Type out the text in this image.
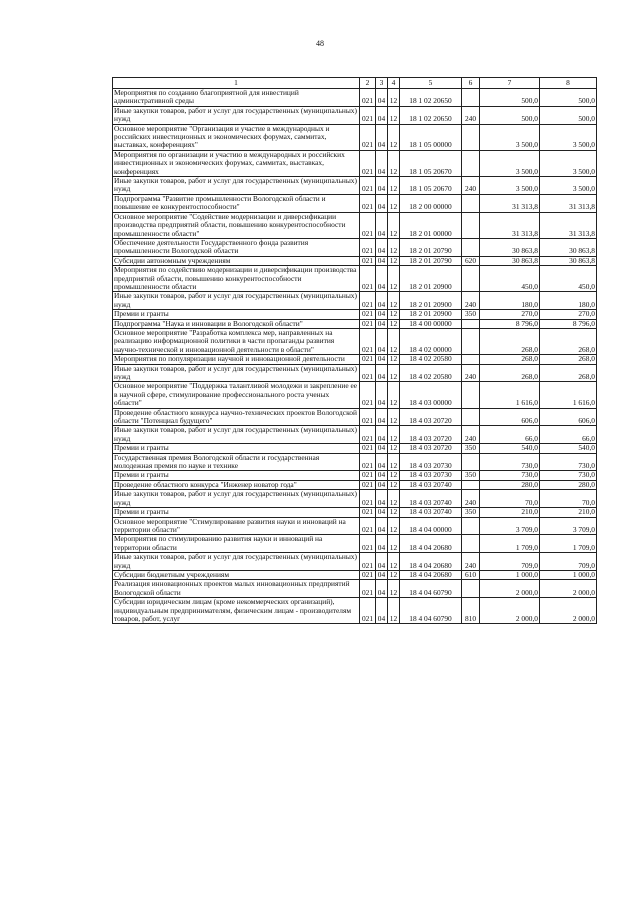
48
1	2	3	4	5	6	7	8
Мероприятия по созданию благоприятной для инвестиций административной среды	021	04	12	18 1 02 20650		500,0	500,0
Иные закупки товаров, работ и услуг для государственных (муниципальных) нужд	021	04	12	18 1 02 20650	240	500,0	500,0
Основное мероприятие "Организация и участие в международных и российских инвестиционных и экономических форумах, саммитах, выставках, конференциях"	021	04	12	18 1 05 00000		3 500,0	3 500,0
Мероприятия по организации и участию в международных и российских инвестиционных и экономических форумах, саммитах, выставках, конференциях	021	04	12	18 1 05 20670		3 500,0	3 500,0
Иные закупки товаров, работ и услуг для государственных (муниципальных) нужд	021	04	12	18 1 05 20670	240	3 500,0	3 500,0
Подпрограмма "Развитие промышленности Вологодской области и повышение ее конкурентоспособности"	021	04	12	18 2 00 00000		31 313,8	31 313,8
Основное мероприятие "Содействие модернизации и диверсификации производства предприятий области, повышению конкурентоспособности промышленности области"	021	04	12	18 2 01 00000		31 313,8	31 313,8
Обеспечение деятельности Государственного фонда развития промышленности Вологодской области	021	04	12	18 2 01 20790		30 863,8	30 863,8
Субсидии автономным учреждениям	021	04	12	18 2 01 20790	620	30 863,8	30 863,8
Мероприятия по содействию модернизации и диверсификации производства предприятий области, повышению конкурентоспособности промышленности области	021	04	12	18 2 01 20900		450,0	450,0
Иные закупки товаров, работ и услуг для государственных (муниципальных) нужд	021	04	12	18 2 01 20900	240	180,0	180,0
Премии и гранты	021	04	12	18 2 01 20900	350	270,0	270,0
Подпрограмма "Наука и инновации в Вологодской области"	021	04	12	18 4 00 00000		8 796,0	8 796,0
Основное мероприятие "Разработка комплекса мер, направленных на реализацию информационной политики в части пропаганды развития научно-технической и инновационной деятельности в области"	021	04	12	18 4 02 00000		268,0	268,0
Мероприятия по популяризации научной и инновационной деятельности	021	04	12	18 4 02 20580		268,0	268,0
Иные закупки товаров, работ и услуг для государственных (муниципальных) нужд	021	04	12	18 4 02 20580	240	268,0	268,0
Основное мероприятие "Поддержка талантливой молодежи и закрепление ее в научной сфере, стимулирование профессионального роста ученых области"	021	04	12	18 4 03 00000		1 616,0	1 616,0
Проведение областного конкурса научно-технических проектов Вологодской области "Потенциал будущего"	021	04	12	18 4 03 20720		606,0	606,0
Иные закупки товаров, работ и услуг для государственных (муниципальных) нужд	021	04	12	18 4 03 20720	240	66,0	66,0
Премии и гранты	021	04	12	18 4 03 20720	350	540,0	540,0
Государственная премия Вологодской области и государственная молодежная премия по науке и технике	021	04	12	18 4 03 20730		730,0	730,0
Премии и гранты	021	04	12	18 4 03 20730	350	730,0	730,0
Проведение областного конкурса "Инженер новатор года"	021	04	12	18 4 03 20740		280,0	280,0
Иные закупки товаров, работ и услуг для государственных (муниципальных) нужд	021	04	12	18 4 03 20740	240	70,0	70,0
Премии и гранты	021	04	12	18 4 03 20740	350	210,0	210,0
Основное мероприятие "Стимулирование развития науки и инноваций на территории области"	021	04	12	18 4 04 00000		3 709,0	3 709,0
Мероприятия по стимулированию развития науки и инноваций на территории области	021	04	12	18 4 04 20680		1 709,0	1 709,0
Иные закупки товаров, работ и услуг для государственных (муниципальных) нужд	021	04	12	18 4 04 20680	240	709,0	709,0
Субсидии бюджетным учреждениям	021	04	12	18 4 04 20680	610	1 000,0	1 000,0
Реализация инновационных проектов малых инновационных предприятий Вологодской области	021	04	12	18 4 04 60790		2 000,0	2 000,0
Субсидии юридическим лицам (кроме некоммерческих организаций), индивидуальным предпринимателям, физическим лицам - производителям товаров, работ, услуг	021	04	12	18 4 04 60790	810	2 000,0	2 000,0
